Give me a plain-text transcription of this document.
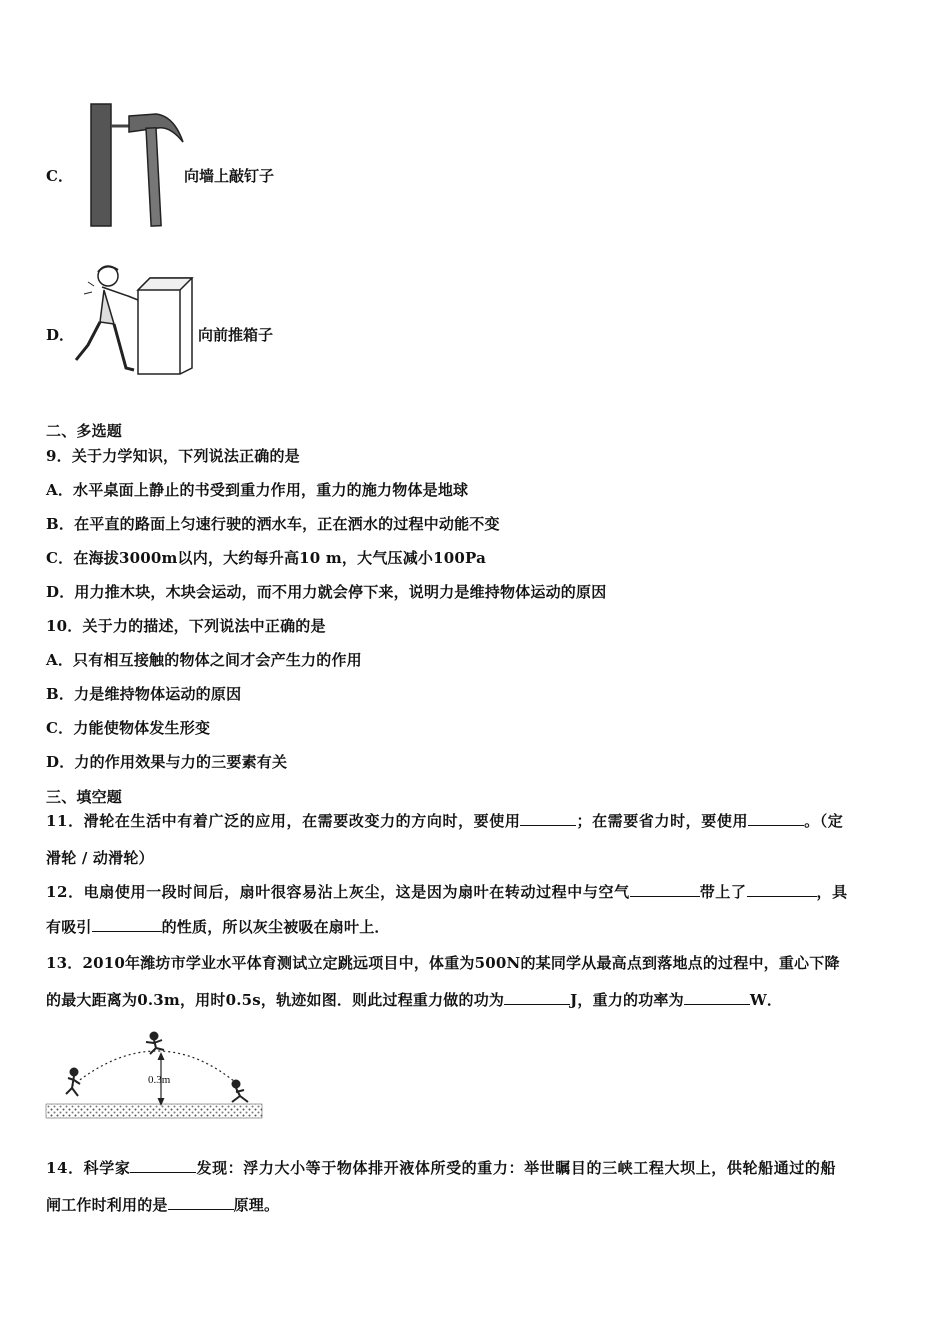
C．	向墙上敲钉子
D．	向前推箱子
二、多选题
9．关于力学知识，下列说法正确的是
A．水平桌面上静止的书受到重力作用，重力的施力物体是地球
B．在平直的路面上匀速行驶的洒水车，正在洒水的过程中动能不变
C．在海拔3000m以内，大约每升高10 m，大气压减小100Pa
D．用力推木块，木块会运动，而不用力就会停下来，说明力是维持物体运动的原因
10．关于力的描述，下列说法中正确的是
A．只有相互接触的物体之间才会产生力的作用
B．力是维持物体运动的原因
C．力能使物体发生形变
D．力的作用效果与力的三要素有关
三、填空题
11．滑轮在生活中有着广泛的应用，在需要改变力的方向时，要使用	；在需要省力时，要使用	。（定
滑轮 / 动滑轮）
12．电扇使用一段时间后，扇叶很容易沾上灰尘，这是因为扇叶在转动过程中与空气	带上了	，具
有吸引	的性质，所以灰尘被吸在扇叶上．
13．2010年潍坊市学业水平体育测试立定跳远项目中，体重为500N的某同学从最高点到落地点的过程中，重心下降
的最大距离为0.3m，用时0.5s，轨迹如图．则此过程重力做的功为	J，重力的功率为	W．
0.3m
14．科学家	发现：浮力大小等于物体排开液体所受的重力：举世瞩目的三峡工程大坝上，供轮船通过的船
闸工作时利用的是	原理。
